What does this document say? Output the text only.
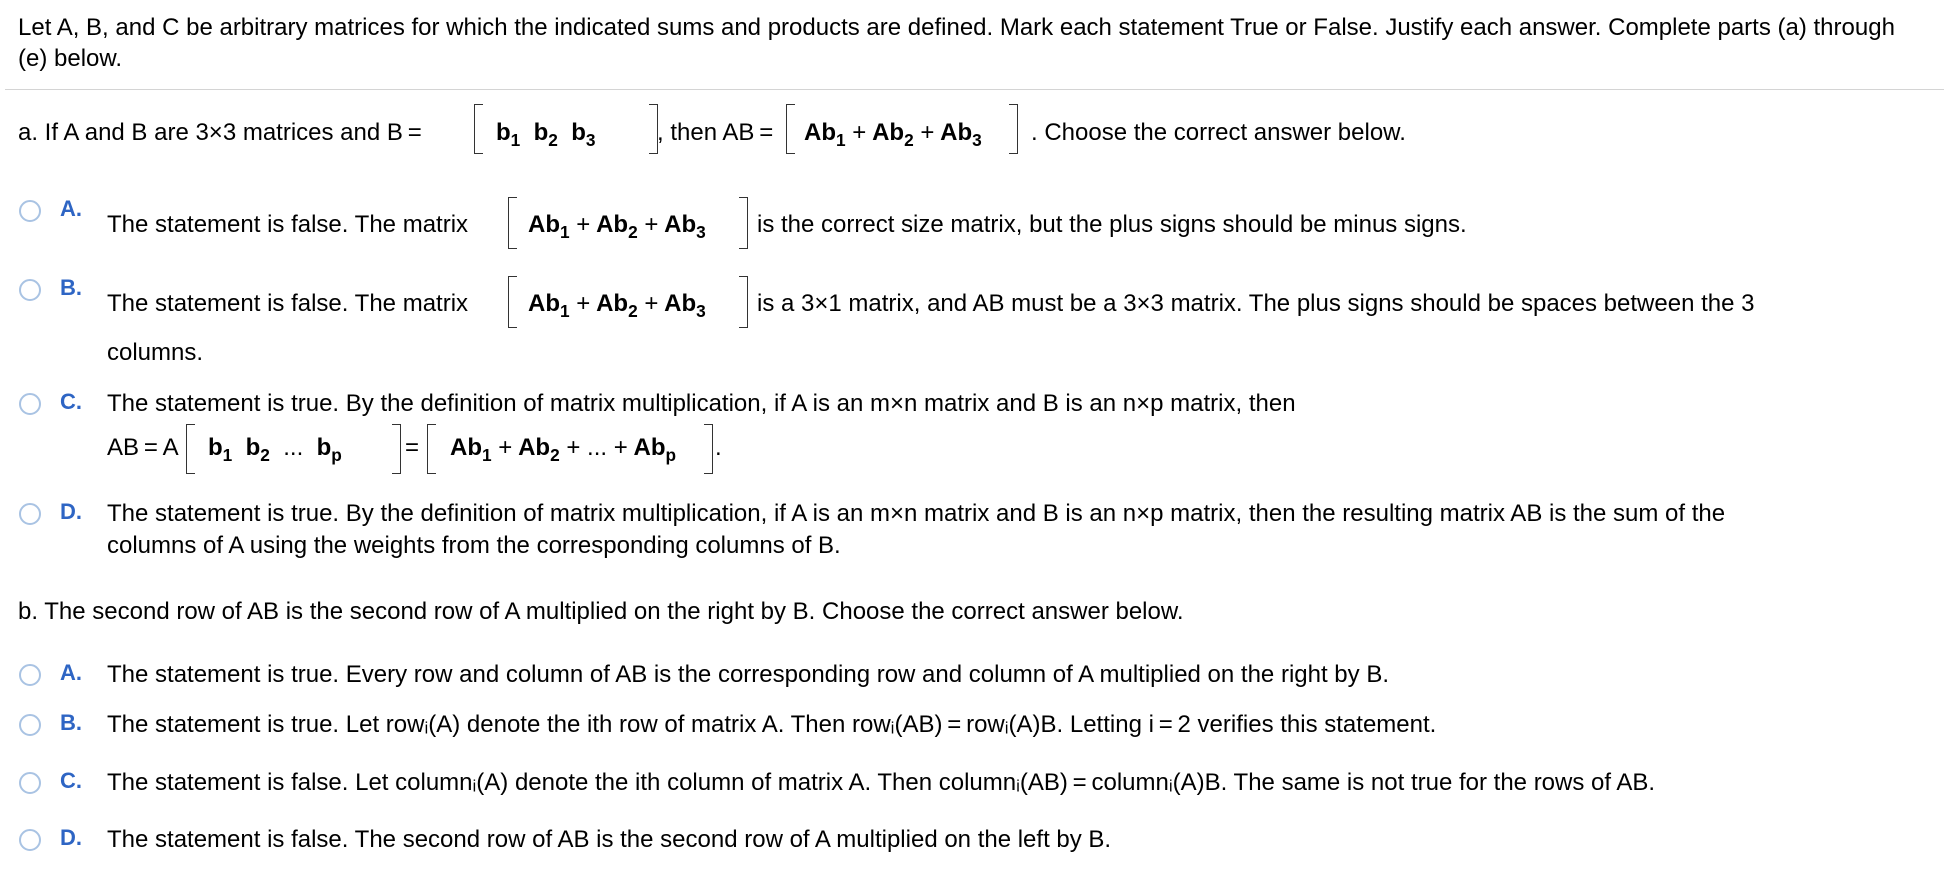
Let A, B, and C be arbitrary matrices for which the indicated sums and products are defined. Mark each statement True or False. Justify each answer. Complete parts (a) through (e) below.
a. If A and B are 3×3 matrices and B =	$b_1$  $b_2$  $b_3$	, then AB = $Ab_1 + Ab_2 + Ab_3$ . Choose the correct answer below.
A.
The statement is false. The matrix $Ab_1 + Ab_2 + Ab_3$ is the correct size matrix, but the plus signs should be minus signs.
B.
The statement is false. The matrix $Ab_1 + Ab_2 + Ab_3$ is a 3×1 matrix, and AB must be a 3×3 matrix. The plus signs should be spaces between the 3
columns.
C. The statement is true. By the definition of matrix multiplication, if A is an m×n matrix and B is an n×p matrix, then
AB = A $b_1$  $b_2$ ...  $b_p$	= $Ab_1 + Ab_2$ + ... + $Ab_p$ .
D. The statement is true. By the definition of matrix multiplication, if A is an m×n matrix and B is an n×p matrix, then the resulting matrix AB is the sum of the
columns of A using the weights from the corresponding columns of B.
b. The second row of AB is the second row of A multiplied on the right by B. Choose the correct answer below.
A. The statement is true. Every row and column of AB is the corresponding row and column of A multiplied on the right by B.
B. The statement is true. Let rowᵢ(A) denote the ith row of matrix A. Then rowᵢ(AB) = rowᵢ(A)B. Letting i = 2 verifies this statement.
C. The statement is false. Let columnᵢ(A) denote the ith column of matrix A. Then columnᵢ(AB) = columnᵢ(A)B. The same is not true for the rows of AB.
D. The statement is false. The second row of AB is the second row of A multiplied on the left by B.
